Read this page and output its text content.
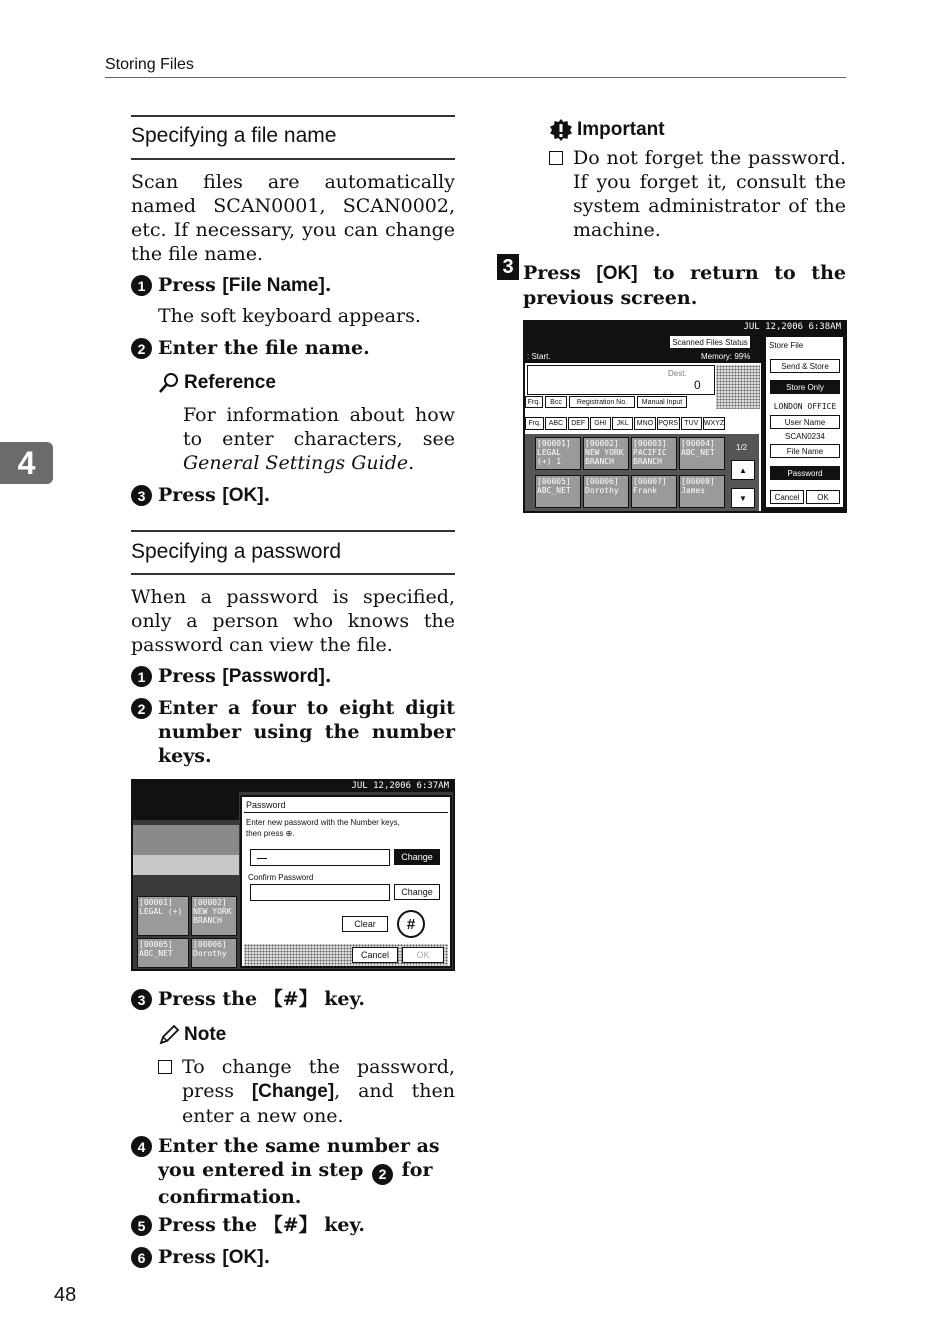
Storing Files
4
Specifying a file name
Scan files are automatically named SCAN0001, SCAN0002, etc. If necessary, you can change the file name.
1 Press [File Name].
The soft keyboard appears.
2 Enter the file name.
Reference
For information about how to enter characters, see General Settings Guide.
3 Press [OK].
Specifying a password
When a password is specified, only a person who knows the password can view the file.
1 Press [Password].
2 Enter a four to eight digit number using the number keys.
JUL 12,2006 6:37AM
[00001] LEGAL (+)
[00002] NEW YORK BRANCH
[00005] ABC_NET
[00006] Dorothy
Password
Enter new password with the Number keys,
then press ⊕.
Change
Confirm Password
Change
Clear	#
Cancel	OK
3 Press the 【#】 key.
Note
To change the password, press [Change], and then enter a new one.
4 Enter the same number as you entered in step 2 for confirmation.
5 Press the 【#】 key.
6 Press [OK].
Important
Do not forget the password. If you forget it, consult the system administrator of the machine.
3 Press [OK] to return to the previous screen.
JUL 12,2006 6:38AM
Scanned Files Status
: Start.	Memory: 99%
Dest.
0
Frq.	Bcc	Registration No.	Manual Input
Frq.	ABC	DEF	GHI	JKL	MNO PQRS TUV WXYZ
[00001] LEGAL (+) 1
[00002] NEW YORK BRANCH
[00003] PACIFIC BRANCH
[00004] ABC_NET
[00005] ABC_NET
[00006] Dorothy
[00007] Frank
[00008] James
1/2
▲
▼
Store File
Send & Store
Store Only
LONDON OFFICE
User Name
SCAN0234
File Name
Password
Cancel	OK
48
